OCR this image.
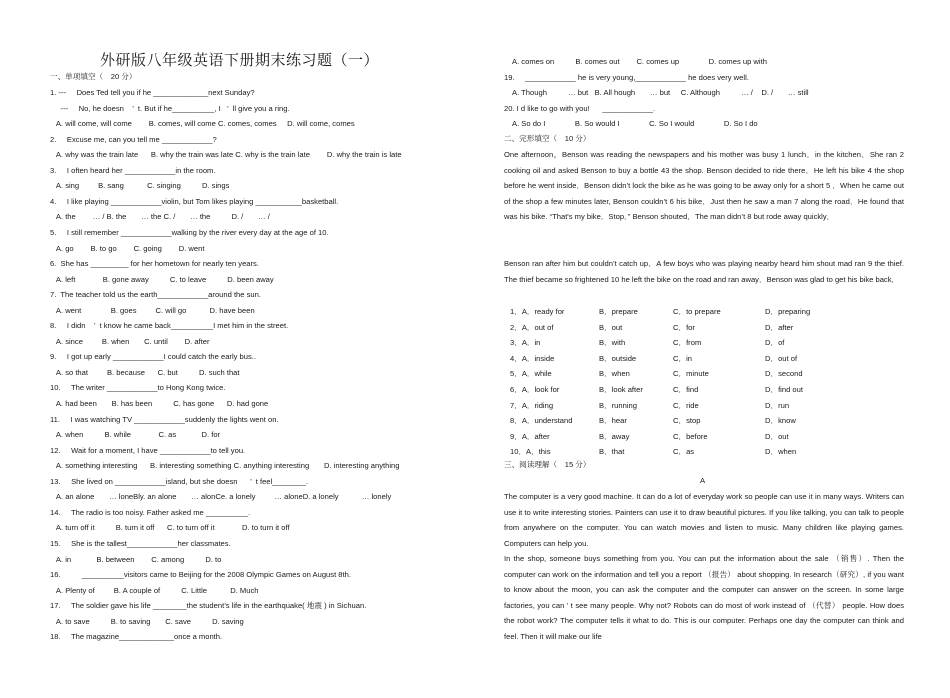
外研版八年级英语下册期末练习题（一）
一、单项填空（　20 分）
1. ---     Does Ted tell you if he _____________next Sunday?
---     No, he doesn    ’  t. But if he__________, I   ’  ll give you a ring.
A. will come, will come        B. comes, will come C. comes, comes     D. will come, comes
2.     Excuse me, can you tell me ____________?
A. why was the train late      B. why the train was late C. why is the train late        D. why the train is late
3.     I often heard her ____________in the room.
A. sing         B. sang           C. singing          D. sings
4.     I like playing ____________violin, but Tom likes playing ___________basketball.
A. the        … / B. the       … the C. /       … the          D. /       … /
5.     I still remember ____________walking by the river every day at the age of 10.
A. go        B. to go        C. going        D. went
6.  She has _________ for her hometown for nearly ten years.
A. left             B. gone away          C. to leave          D. been away
7.  The teacher told us the earth____________around the sun.
A. went              B. goes         C. will go           D. have been
8.     I didn    ’  t know he came back__________I met him in the street.
A. since         B. when       C. until        D. after
9.     I got up early ____________I could catch the early bus..
A. so that         B. because      C. but          D. such that
10.     The writer ____________to Hong Kong twice.
A. had been       B. has been          C. has gone      D. had gone
11.     I was watching TV ____________suddenly the lights went on.
A. when          B. while             C. as            D. for
12.     Wait for a moment, I have ____________to tell you.
A. something interesting      B. interesting something C. anything interesting       D. interesting anything
13.     She lived on ____________island, but she doesn      ’  t feel________.
A. an alone       … loneBly. an alone       … alonCe. a lonely         … aloneD. a lonely           … lonely
14.     The radio is too noisy. Father asked me __________.
A. turn off it          B. turn it off      C. to turn off it             D. to turn it off
15.     She is the tallest____________her classmates.
A. in            B. between        C. among          D. to
16.          __________visitors came to Beijing for the 2008 Olympic Games on August 8th.
A. Plenty of         B. A couple of          C. Little           D. Much
17.     The soldier gave his life ________the student’s life in the earthquake( 地震 ) in Sichuan.
A. to save          B. to saving       C. save          D. saving
18.     The magazine_____________once a month.
A. comes on          B. comes out        C. comes up              D. comes up with
19.     ____________ he is very young,____________ he does very well.
A. Though          … but   B. All hough       … but     C. Although          … /    D. /       … still
20. I d like to go with you!      ____________.
A. So do I              B. So would I              C. So I would              D. So I do
二、完形填空（　10 分）
One afternoon，Benson was reading the newspapers and his mother was busy 1 lunch．in the kitchen．She ran 2 cooking oil and asked Benson to buy a bottle 43 the shop. Benson decided to ride there．He left his bike 4 the shop before he went inside．Benson didn’t lock the bike as he was going to be away only for a short 5 ．When he came out of the shop a few minutes later, Benson couldn’t 6 his bike．Just then he saw a man 7 along the road．He found that was his bike. “That's my bike．Stop．” Benson shouted．The man didn’t 8 but rode away quickly．
Benson ran after him but couldn’t catch up．A few boys who was playing nearby heard him shout mad ran 9 the thief. The thief became so frightened 10 he left the bike on the road and ran away．Benson was glad to get his bike back．
1．A．ready for	B．prepare	C．to prepare	D．preparing
2．A．out of	B．out	C．for	D．after
3．A．in	B．with	C．from	D．of
4．A．inside	B．outside	C．in	D．out of
5．A．while	B．when	C．minute	D．second
6．A．look for	B．look after	C．find	D．find out
7．A．riding	B．running	C．ride	D．run
8．A．understand	B．hear	C．stop	D．know
9．A．after	B．away	C．before	D．out
10．A．this	B．that	C．as	D．when
三、阅读理解（　15 分）
A
The computer is a very good machine. It can do a lot of everyday work so people can use it in many ways. Writers can use it to write interesting stories. Painters can use it to draw beautiful pictures. If you like talking, you can talk to people from anywhere on the computer. You can watch movies and listen to music. Many children like playing games. Computers can help you.
In the shop, someone buys something from you. You can put the information about the sale （销售）. Then the computer can work on the information and tell you a report （报告） about shopping. In research（研究）, if you want to know about the moon, you can ask the computer and the computer can answer on the screen. In some large factories, you can ’ t see many people. Why not? Robots can do most of work instead of （代替） people. How does the robot work? The computer tells it what to do. This is our computer. Perhaps one day the computer can think and feel. Then it will make our life
